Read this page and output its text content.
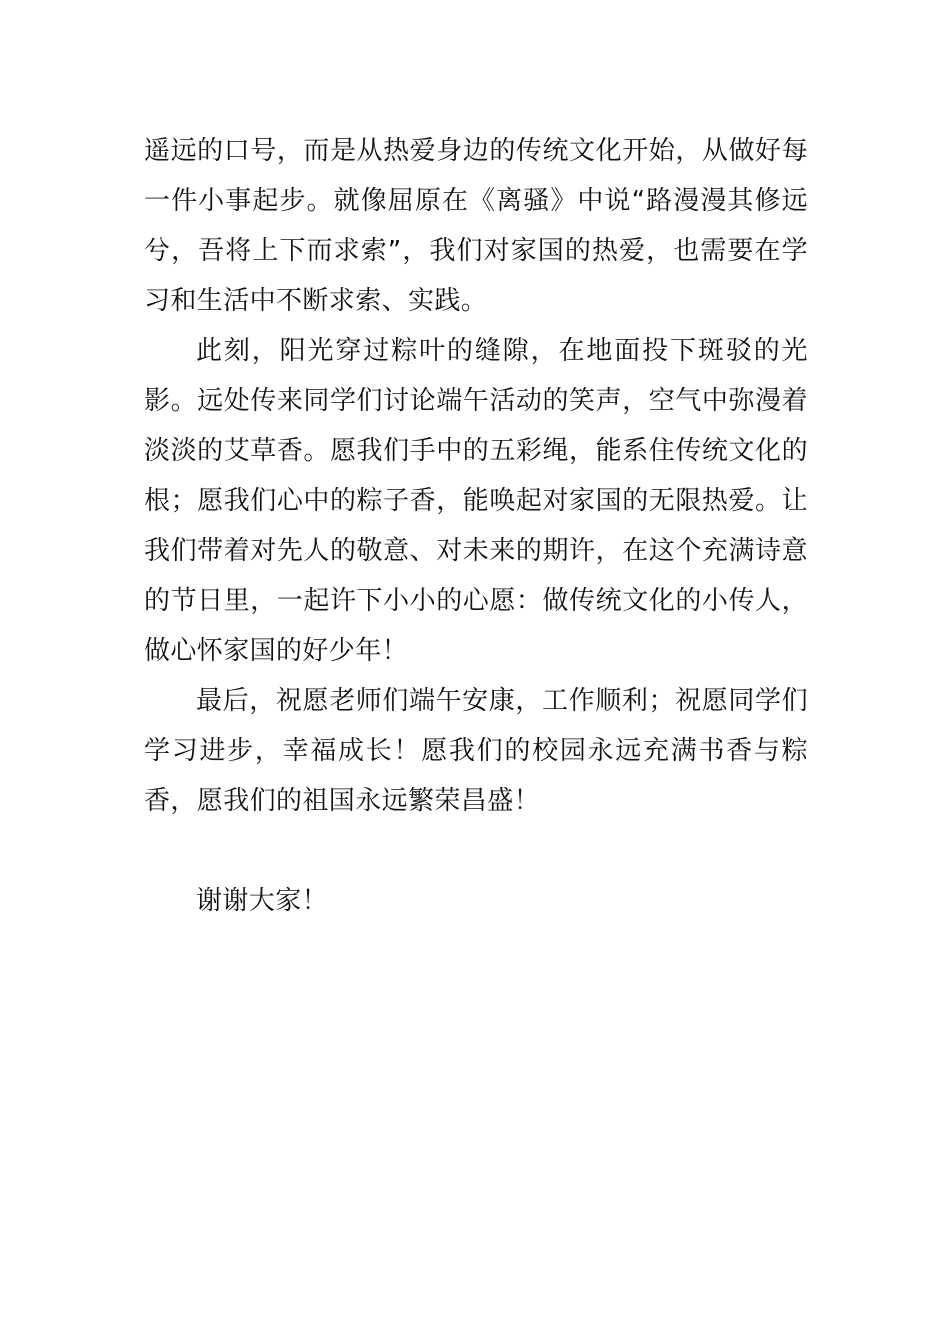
遥远的口号，而是从热爱身边的传统文化开始，从做好每一件小事起步。就像屈原在《离骚》中说“路漫漫其修远兮，吾将上下而求索”，我们对家国的热爱，也需要在学习和生活中不断求索、实践。

此刻，阳光穿过粽叶的缝隙，在地面投下斑驳的光影。远处传来同学们讨论端午活动的笑声，空气中弥漫着淡淡的艾草香。愿我们手中的五彩绳，能系住传统文化的根；愿我们心中的粽子香，能唤起对家国的无限热爱。让我们带着对先人的敬意、对未来的期许，在这个充满诗意的节日里，一起许下小小的心愿：做传统文化的小传人，做心怀家国的好少年！

最后，祝愿老师们端午安康，工作顺利；祝愿同学们学习进步，幸福成长！愿我们的校园永远充满书香与粽香，愿我们的祖国永远繁荣昌盛！

谢谢大家！
